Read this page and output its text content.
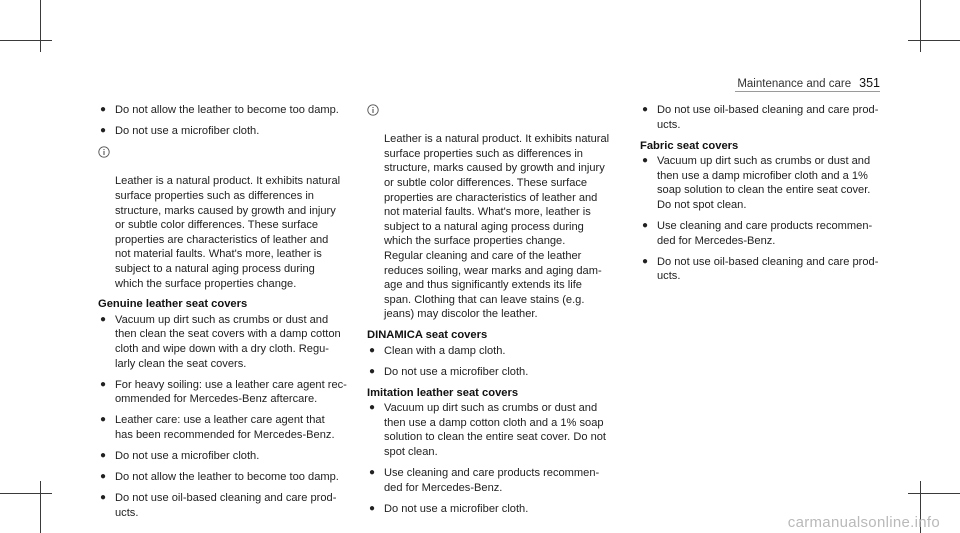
Maintenance and care 351
● Do not allow the leather to become too damp.
● Do not use a microfiber cloth.

Leather is a natural product. It exhibits natural
surface properties such as differences in
structure, marks caused by growth and injury
or subtle color differences. These surface
properties are characteristics of leather and
not material faults. What's more, leather is
subject to a natural aging process during
which the surface properties change.

Genuine leather seat covers
● Vacuum up dirt such as crumbs or dust and
then clean the seat covers with a damp cotton
cloth and wipe down with a dry cloth. Regu-
larly clean the seat covers.
● For heavy soiling: use a leather care agent rec-
ommended for Mercedes-Benz aftercare.
● Leather care: use a leather care agent that
has been recommended for Mercedes-Benz.
● Do not use a microfiber cloth.
● Do not allow the leather to become too damp.
● Do not use oil-based cleaning and care prod-
ucts.

Leather is a natural product. It exhibits natural
surface properties such as differences in
structure, marks caused by growth and injury
or subtle color differences. These surface
properties are characteristics of leather and
not material faults. What's more, leather is
subject to a natural aging process during
which the surface properties change.
Regular cleaning and care of the leather
reduces soiling, wear marks and aging dam-
age and thus significantly extends its life
span. Clothing that can leave stains (e.g.
jeans) may discolor the leather.

DINAMICA seat covers
● Clean with a damp cloth.
● Do not use a microfiber cloth.
Imitation leather seat covers
● Vacuum up dirt such as crumbs or dust and
then use a damp cotton cloth and a 1% soap
solution to clean the entire seat cover. Do not
spot clean.
● Use cleaning and care products recommen-
ded for Mercedes-Benz.
● Do not use a microfiber cloth.
● Do not use oil-based cleaning and care prod-
ucts.
Fabric seat covers
● Vacuum up dirt such as crumbs or dust and
then use a damp microfiber cloth and a 1%
soap solution to clean the entire seat cover.
Do not spot clean.
● Use cleaning and care products recommen-
ded for Mercedes-Benz.
● Do not use oil-based cleaning and care prod-
ucts.
carmanualsonline.info
